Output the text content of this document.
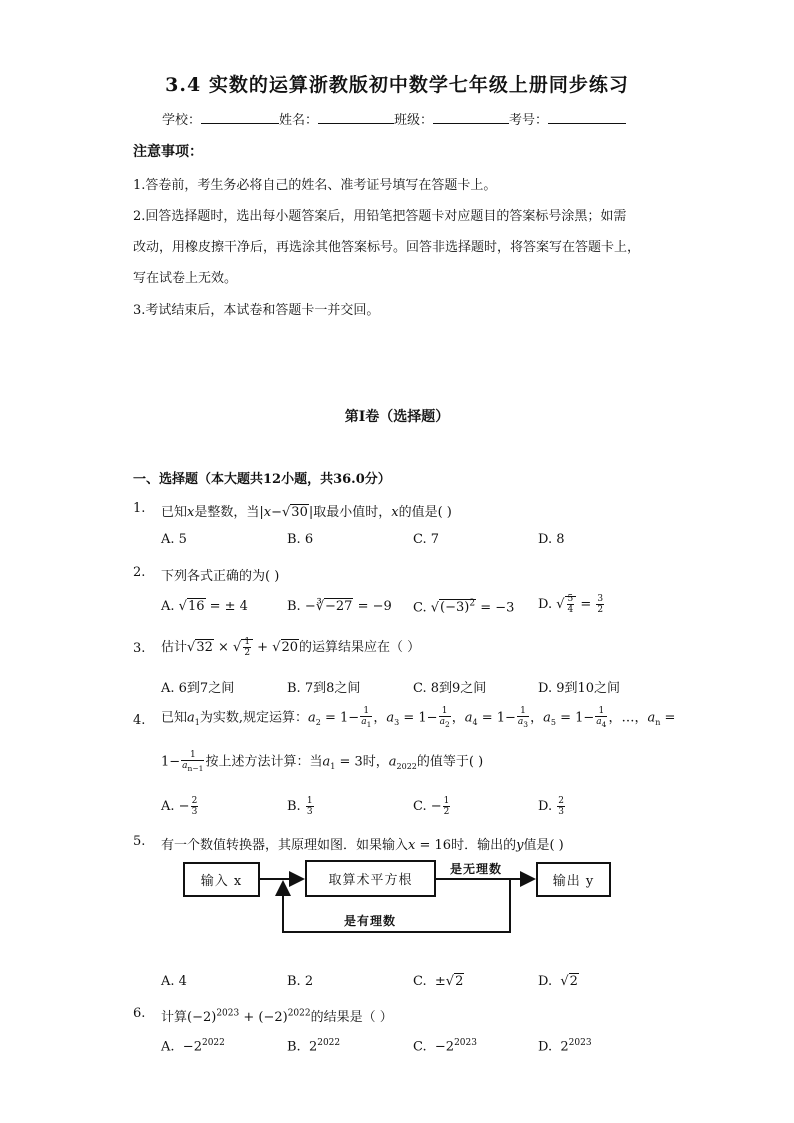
3.4 实数的运算浙教版初中数学七年级上册同步练习
学校：	姓名：	班级：	考号：
注意事项：
1.答卷前，考生务必将自己的姓名、准考证号填写在答题卡上。
2.回答选择题时，选出每小题答案后，用铅笔把答题卡对应题目的答案标号涂黑；如需
改动，用橡皮擦干净后，再选涂其他答案标号。回答非选择题时，将答案写在答题卡上，
写在试卷上无效。
3.考试结束后，本试卷和答题卡一并交回。
第Ⅰ卷（选择题）
一、选择题（本大题共12小题，共36.0分）
1. 已知x是整数，当|x−√30|取最小值时，x的值是( )
A. 5	B. 6	C. 7	D. 8
2. 下列各式正确的为( )
A. √16 = ± 4	B. −∛−27 = −9 C. $√(-3)^2 = -3$ D. √ $\frac{5}{4} = \frac{3}{2}$
3. 估计√32 × √ $\frac{1}{2} + √20$的运算结果应在（ ）
A. 6到7之间	B. 7到8之间	C. 8到9之间	D. 9到10之间
4. 已知$a_1$为实数,规定运算：$a_2 = 1- \frac{1}{a_1}$ ，$a_3 = 1- \frac{1}{a_2}$ ，$a_4 = 1- \frac{1}{a_3}$ ，$a_5 = 1- \frac{1}{a_4}$ ，…，$a_n$ =
$1- \frac{1}{a_{n-1}}$ 按上述方法计算：当$a_1 = 3$时，$a_{2022}$的值等于( )
A. − $\frac{2}{3}$	B. $\frac{1}{3}$	C. − $\frac{1}{2}$	D. $\frac{2}{3}$
5. 有一个数值转换器，其原理如图．如果输入x = 16时．输出的y值是( )
输入 x	取算术平方根	输出 y
是无理数
是有理数
A. 4	B. 2	C.  ±√2	D.  √2
6. 计算$(-2)^{2023} + (-2)^{2022}$的结果是（ ）
A.  $-2^{2022}$	B.  $2^{2022}$	C.  $-2^{2023}$	D.  $2^{2023}$
